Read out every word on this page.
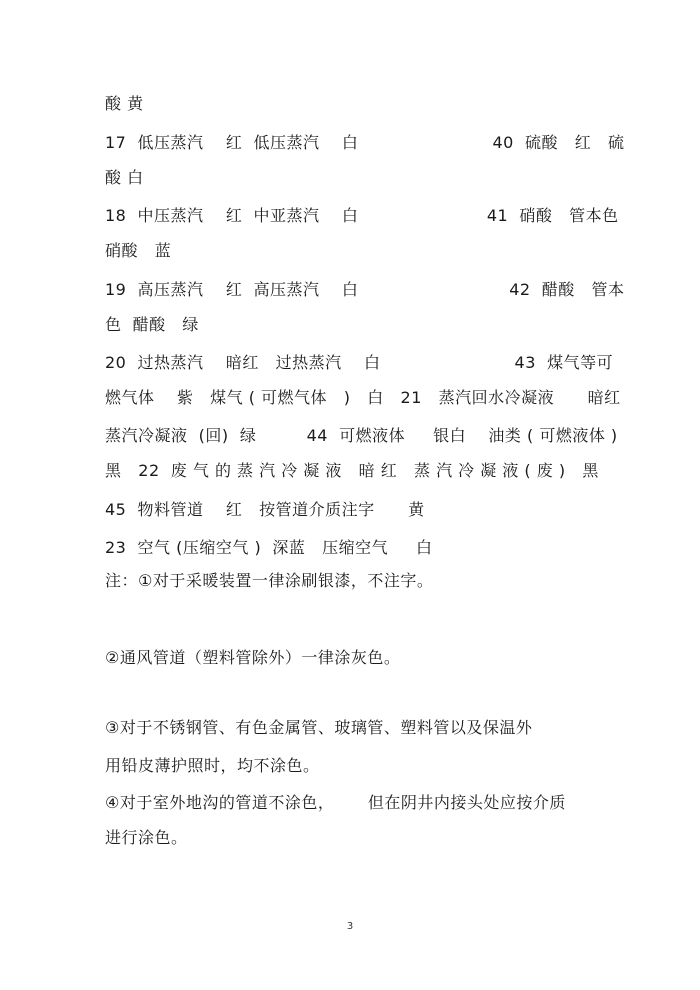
酸 黄
17  低压蒸汽    红  低压蒸汽    白                        40  硫酸   红   硫
酸 白
18  中压蒸汽    红  中亚蒸汽    白                       41  硝酸   管本色
硝酸   蓝
19  高压蒸汽    红  高压蒸汽    白                           42  醋酸   管本
色  醋酸   绿
20  过热蒸汽    暗红   过热蒸汽    白                        43  煤气等可
燃气体    紫   煤气 ( 可燃气体   )   白   21   蒸汽回水冷凝液      暗红
蒸汽冷凝液  (回)  绿         44  可燃液体     银白    油类 ( 可燃液体 )
黑   22  废 气 的 蒸 汽 冷 凝 液   暗 红   蒸 汽 冷 凝 液 ( 废 )   黑
45  物料管道    红   按管道介质注字      黄
23  空气 (压缩空气 )  深蓝   压缩空气     白
注：①对于采暖装置一律涂刷银漆，不注字。
②通风管道（塑料管除外）一律涂灰色。
③对于不锈钢管、有色金属管、玻璃管、塑料管以及保温外
用铅皮薄护照时，均不涂色。
④对于室外地沟的管道不涂色，      但在阴井内接头处应按介质
进行涂色。
3
